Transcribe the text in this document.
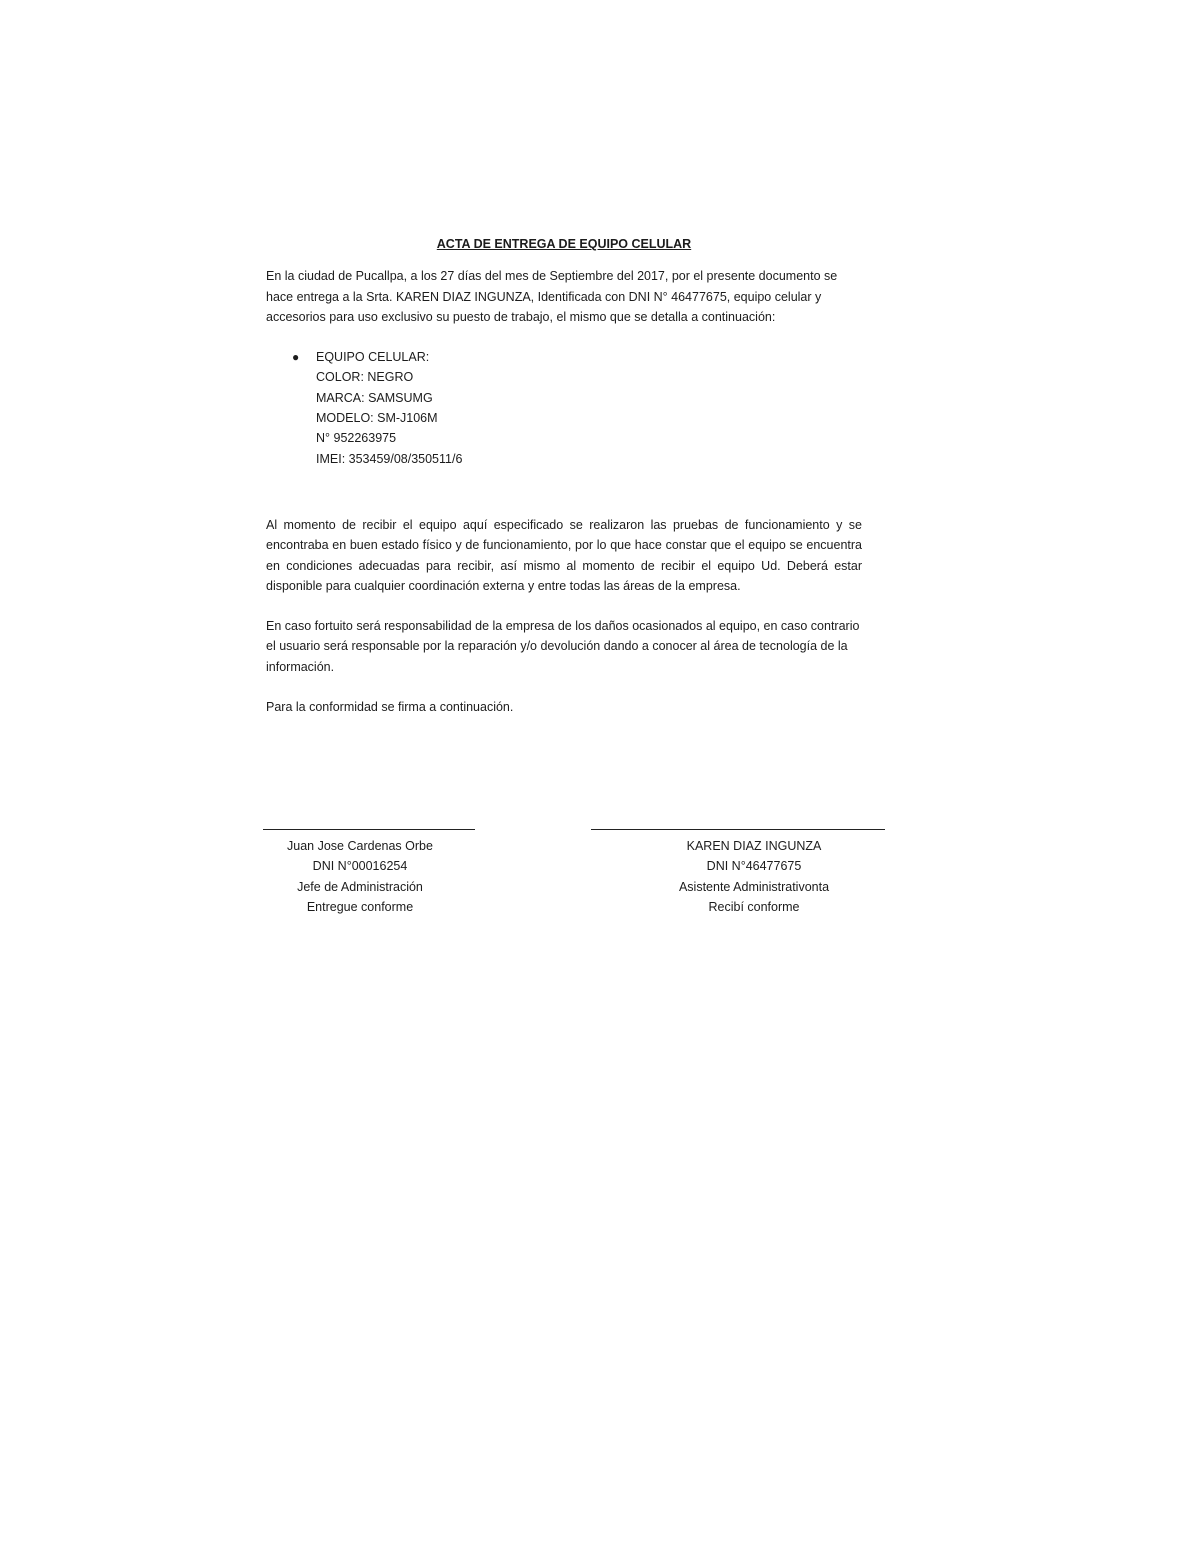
ACTA DE ENTREGA DE EQUIPO CELULAR

En la ciudad de Pucallpa, a los 27 días del mes de Septiembre del 2017, por el presente documento se hace entrega a la Srta. KAREN DIAZ INGUNZA, Identificada con DNI N° 46477675, equipo celular y accesorios para uso exclusivo su puesto de trabajo, el mismo que se detalla a continuación:

● EQUIPO CELULAR:
COLOR: NEGRO
MARCA: SAMSUMG
MODELO: SM-J106M
N° 952263975
IMEI: 353459/08/350511/6

Al momento de recibir el equipo aquí especificado se realizaron las pruebas de funcionamiento y se encontraba en buen estado físico y de funcionamiento, por lo que hace constar que el equipo se encuentra en condiciones adecuadas para recibir, así mismo al momento de recibir el equipo Ud. Deberá estar disponible para cualquier coordinación externa y entre todas las áreas de la empresa.

En caso fortuito será responsabilidad de la empresa de los daños ocasionados al equipo, en caso contrario el usuario será responsable por la reparación y/o devolución dando a conocer al área de tecnología de la información.

Para la conformidad se firma a continuación.

Juan Jose Cardenas Orbe
DNI N°00016254
Jefe de Administración
Entregue conforme
KAREN DIAZ INGUNZA
DNI N°46477675
Asistente Administrativonta
Recibí conforme
